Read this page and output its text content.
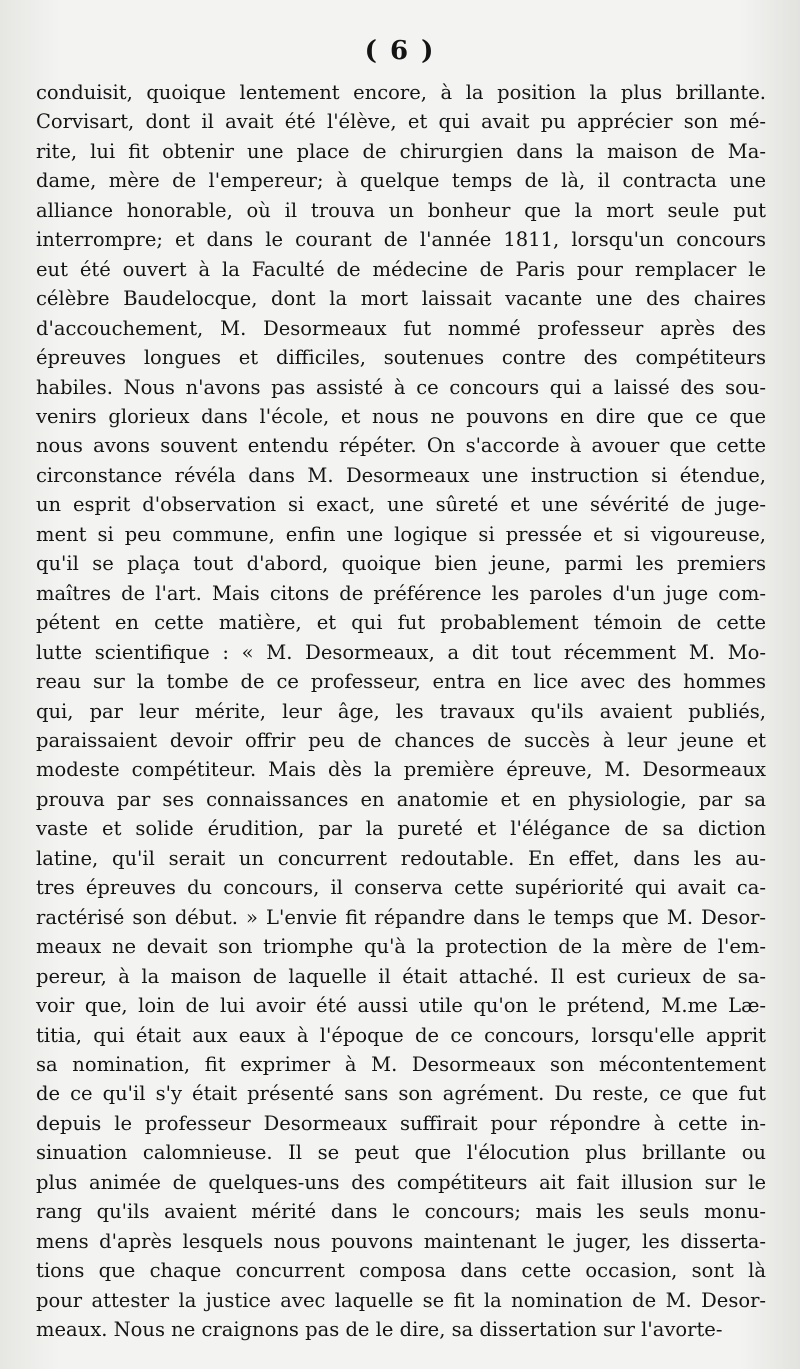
( 6 )
conduisit, quoique lentement encore, à la position la plus brillante.
Corvisart, dont il avait été l'élève, et qui avait pu apprécier son mé-
rite, lui fit obtenir une place de chirurgien dans la maison de Ma-
dame, mère de l'empereur; à quelque temps de là, il contracta une
alliance honorable, où il trouva un bonheur que la mort seule put
interrompre; et dans le courant de l'année 1811, lorsqu'un concours
eut été ouvert à la Faculté de médecine de Paris pour remplacer le
célèbre Baudelocque, dont la mort laissait vacante une des chaires
d'accouchement, M. Desormeaux fut nommé professeur après des
épreuves longues et difficiles, soutenues contre des compétiteurs
habiles. Nous n'avons pas assisté à ce concours qui a laissé des sou-
venirs glorieux dans l'école, et nous ne pouvons en dire que ce que
nous avons souvent entendu répéter. On s'accorde à avouer que cette
circonstance révéla dans M. Desormeaux une instruction si étendue,
un esprit d'observation si exact, une sûreté et une sévérité de juge-
ment si peu commune, enfin une logique si pressée et si vigoureuse,
qu'il se plaça tout d'abord, quoique bien jeune, parmi les premiers
maîtres de l'art. Mais citons de préférence les paroles d'un juge com-
pétent en cette matière, et qui fut probablement témoin de cette
lutte scientifique : « M. Desormeaux, a dit tout récemment M. Mo-
reau sur la tombe de ce professeur, entra en lice avec des hommes
qui, par leur mérite, leur âge, les travaux qu'ils avaient publiés,
paraissaient devoir offrir peu de chances de succès à leur jeune et
modeste compétiteur. Mais dès la première épreuve, M. Desormeaux
prouva par ses connaissances en anatomie et en physiologie, par sa
vaste et solide érudition, par la pureté et l'élégance de sa diction
latine, qu'il serait un concurrent redoutable. En effet, dans les au-
tres épreuves du concours, il conserva cette supériorité qui avait ca-
ractérisé son début. » L'envie fit répandre dans le temps que M. Desor-
meaux ne devait son triomphe qu'à la protection de la mère de l'em-
pereur, à la maison de laquelle il était attaché. Il est curieux de sa-
voir que, loin de lui avoir été aussi utile qu'on le prétend, M.me Læ-
titia, qui était aux eaux à l'époque de ce concours, lorsqu'elle apprit
sa nomination, fit exprimer à M. Desormeaux son mécontentement
de ce qu'il s'y était présenté sans son agrément. Du reste, ce que fut
depuis le professeur Desormeaux suffirait pour répondre à cette in-
sinuation calomnieuse. Il se peut que l'élocution plus brillante ou
plus animée de quelques-uns des compétiteurs ait fait illusion sur le
rang qu'ils avaient mérité dans le concours; mais les seuls monu-
mens d'après lesquels nous pouvons maintenant le juger, les disserta-
tions que chaque concurrent composa dans cette occasion, sont là
pour attester la justice avec laquelle se fit la nomination de M. Desor-
meaux. Nous ne craignons pas de le dire, sa dissertation sur l'avorte-
